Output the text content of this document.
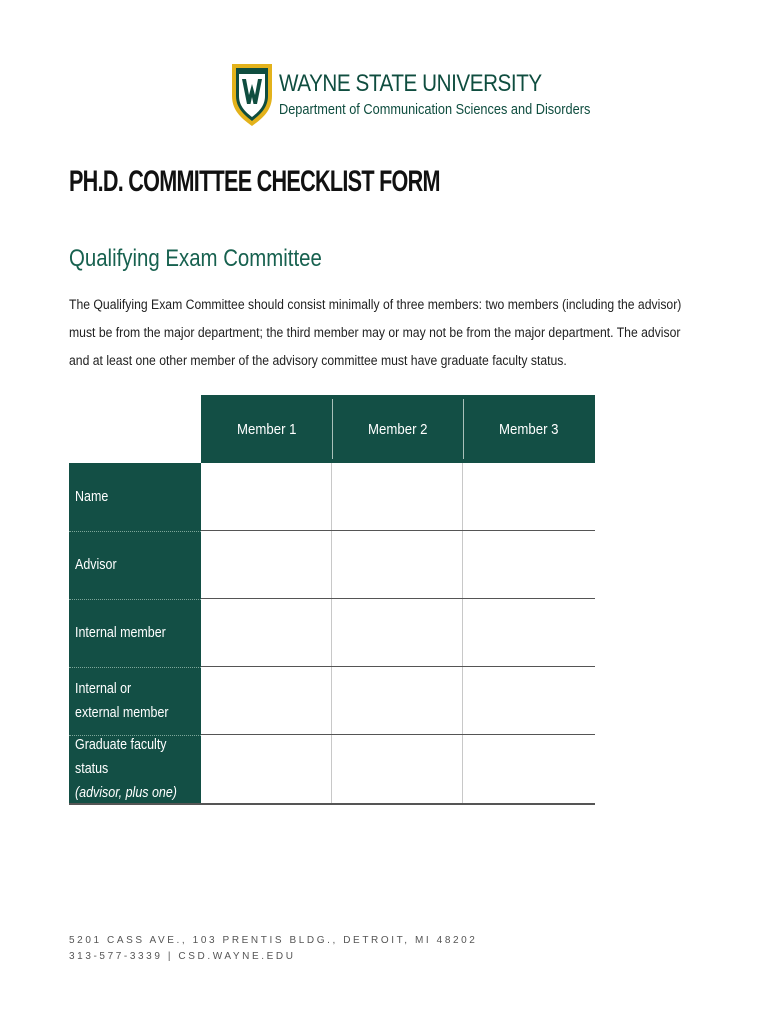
WAYNE STATE UNIVERSITY
Department of Communication Sciences and Disorders
PH.D. COMMITTEE CHECKLIST FORM
Qualifying Exam Committee
The Qualifying Exam Committee should consist minimally of three members: two members (including the advisor) must be from the major department; the third member may or may not be from the major department. The advisor and at least one other member of the advisory committee must have graduate faculty status.
Member 1	Member 2	Member 3
Name
Advisor
Internal member
Internal or external member
Graduate faculty status
(advisor, plus one)
5201 CASS AVE., 103 PRENTIS BLDG., DETROIT, MI 48202
313-577-3339 | CSD.WAYNE.EDU
